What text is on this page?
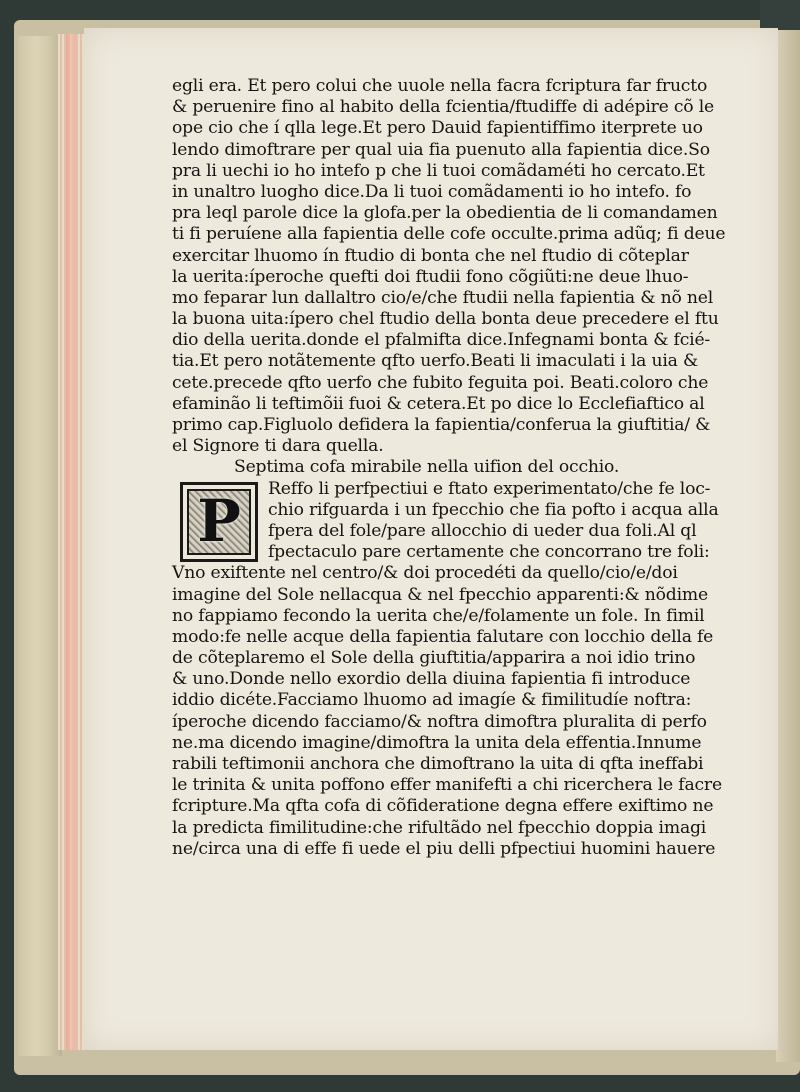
egli era. Et pero colui che uuole nella facra fcriptura far fructo
& peruenire fino al habito della fcientia/ftudiffe di adépire cõ le
ope cio che í qlla lege.Et pero Dauid fapientiffimo iterprete uo
lendo dimoftrare per qual uia fia puenuto alla fapientia dice.So
pra li uechi io ho intefo p che li tuoi comãdaméti ho cercato.Et
in unaltro luogho dice.Da li tuoi comãdamenti io ho intefo. fo
pra leql parole dice la glofa.per la obedientia de li comandamen
ti fi peruíene alla fapientia delle cofe occulte.prima adũq; fi deue
exercitar lhuomo ín ftudio di bonta che nel ftudio di cõteplar
la uerita:íperoche quefti doi ftudii fono cõgiũti:ne deue lhuo-
mo feparar lun dallaltro cio/e/che ftudii nella fapientia & nõ nel
la buona uita:ípero chel ftudio della bonta deue precedere el ftu
dio della uerita.donde el pfalmifta dice.Infegnami bonta & fcié-
tia.Et pero notãtemente qfto uerfo.Beati li imaculati i la uia &
cete.precede qfto uerfo che fubito feguita poi. Beati.coloro che
efaminão li teftimõii fuoi & cetera.Et po dice lo Ecclefiaftico al
primo cap.Figluolo defidera la fapientia/conferua la giuftitia/ &
el Signore ti dara quella.
Septima cofa mirabile nella uifion del occhio.
P	Reffo li perfpectiui e ftato experimentato/che fe loc-
chio rifguarda i un fpecchio che fia pofto i acqua alla
fpera del fole/pare allocchio di ueder dua foli.Al ql
fpectaculo pare certamente che concorrano tre foli:
Vno exiftente nel centro/& doi procedéti da quello/cio/e/doi
imagine del Sole nellacqua & nel fpecchio apparenti:& nõdime
no fappiamo fecondo la uerita che/e/folamente un fole. In fimil
modo:fe nelle acque della fapientia falutare con locchio della fe
de cõteplaremo el Sole della giuftitia/apparira a noi idio trino
& uno.Donde nello exordio della diuina fapientia fi introduce
iddio dicéte.Facciamo lhuomo ad imagíe & fimilitudíe noftra:
íperoche dicendo facciamo/& noftra dimoftra pluralita di perfo
ne.ma dicendo imagine/dimoftra la unita dela effentia.Innume
rabili teftimonii anchora che dimoftrano la uita di qfta ineffabi
le trinita & unita poffono effer manifefti a chi ricerchera le facre
fcripture.Ma qfta cofa di cõfideratione degna effere exiftimo ne
la predicta fimilitudine:che rifultãdo nel fpecchio doppia imagi
ne/circa una di effe fi uede el piu delli pfpectiui huomini hauere
